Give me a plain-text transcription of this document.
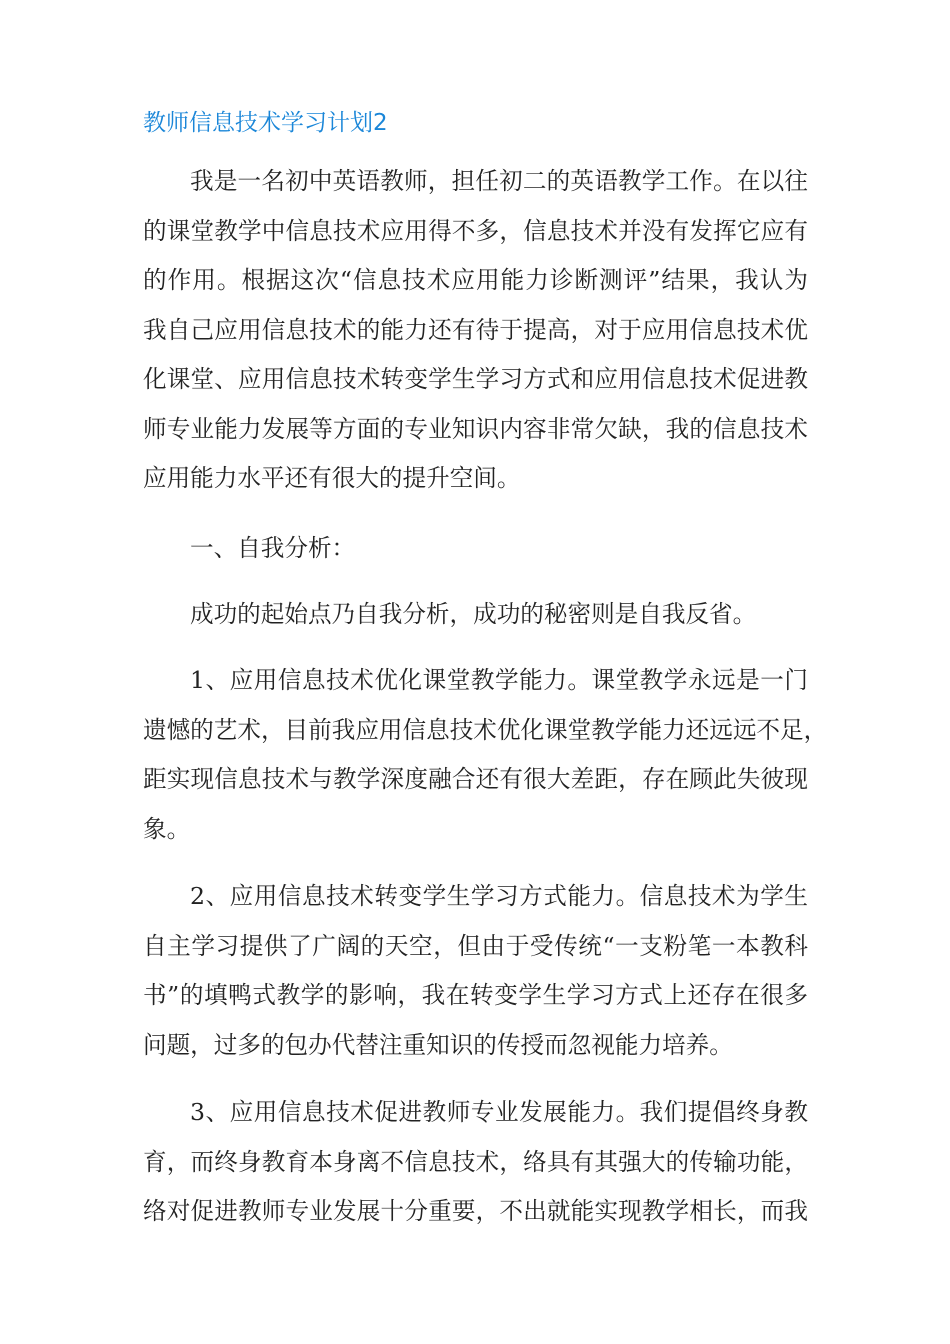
教师信息技术学习计划2
我是一名初中英语教师，担任初二的英语教学工作。在以往
的课堂教学中信息技术应用得不多，信息技术并没有发挥它应有
的作用。根据这次“信息技术应用能力诊断测评”结果，我认为
我自己应用信息技术的能力还有待于提高，对于应用信息技术优
化课堂、应用信息技术转变学生学习方式和应用信息技术促进教
师专业能力发展等方面的专业知识内容非常欠缺，我的信息技术
应用能力水平还有很大的提升空间。
一、自我分析：
成功的起始点乃自我分析，成功的秘密则是自我反省。
1、应用信息技术优化课堂教学能力。课堂教学永远是一门
遗憾的艺术，目前我应用信息技术优化课堂教学能力还远远不足，
距实现信息技术与教学深度融合还有很大差距，存在顾此失彼现
象。
2、应用信息技术转变学生学习方式能力。信息技术为学生
自主学习提供了广阔的天空，但由于受传统“一支粉笔一本教科
书”的填鸭式教学的影响，我在转变学生学习方式上还存在很多
问题，过多的包办代替注重知识的传授而忽视能力培养。
3、应用信息技术促进教师专业发展能力。我们提倡终身教
育，而终身教育本身离不信息技术，络具有其强大的传输功能，
络对促进教师专业发展十分重要，不出就能实现教学相长，而我
